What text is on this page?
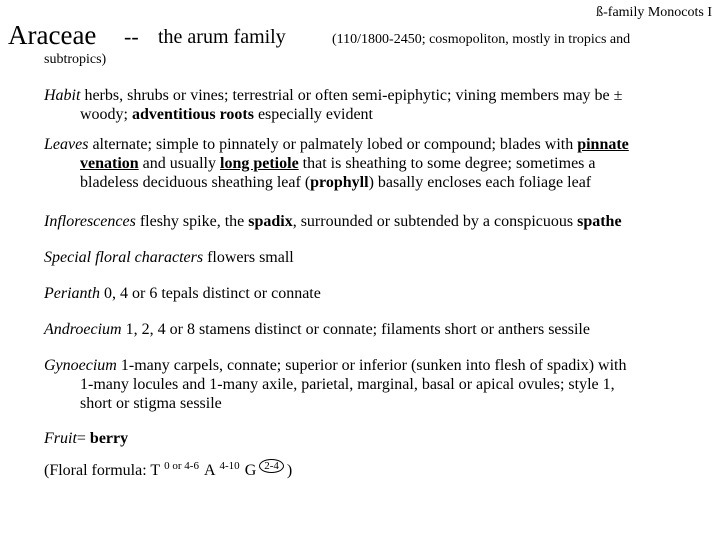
ß-family Monocots I
Araceae -- the arum family	(110/1800-2450; cosmopoliton, mostly in tropics and
subtropics)
Habit herbs, shrubs or vines; terrestrial or often semi-epiphytic; vining members may be ±
woody; adventitious roots especially evident
Leaves alternate; simple to pinnately or palmately lobed or compound; blades with pinnate
venation and usually long petiole that is sheathing to some degree; sometimes a
bladeless deciduous sheathing leaf (prophyll) basally encloses each foliage leaf
Inflorescences fleshy spike, the spadix, surrounded or subtended by a conspicuous spathe
Special floral characters flowers small
Perianth 0, 4 or 6 tepals distinct or connate
Androecium 1, 2, 4 or 8 stamens distinct or connate; filaments short or anthers sessile
Gynoecium 1-many carpels, connate; superior or inferior (sunken into flesh of spadix) with
1-many locules and 1-many axile, parietal, marginal, basal or apical ovules; style 1,
short or stigma sessile
Fruit= berry
(Floral formula: T $^{0 or 4-6}$ A $^{4-10}$ G 2-4 )
